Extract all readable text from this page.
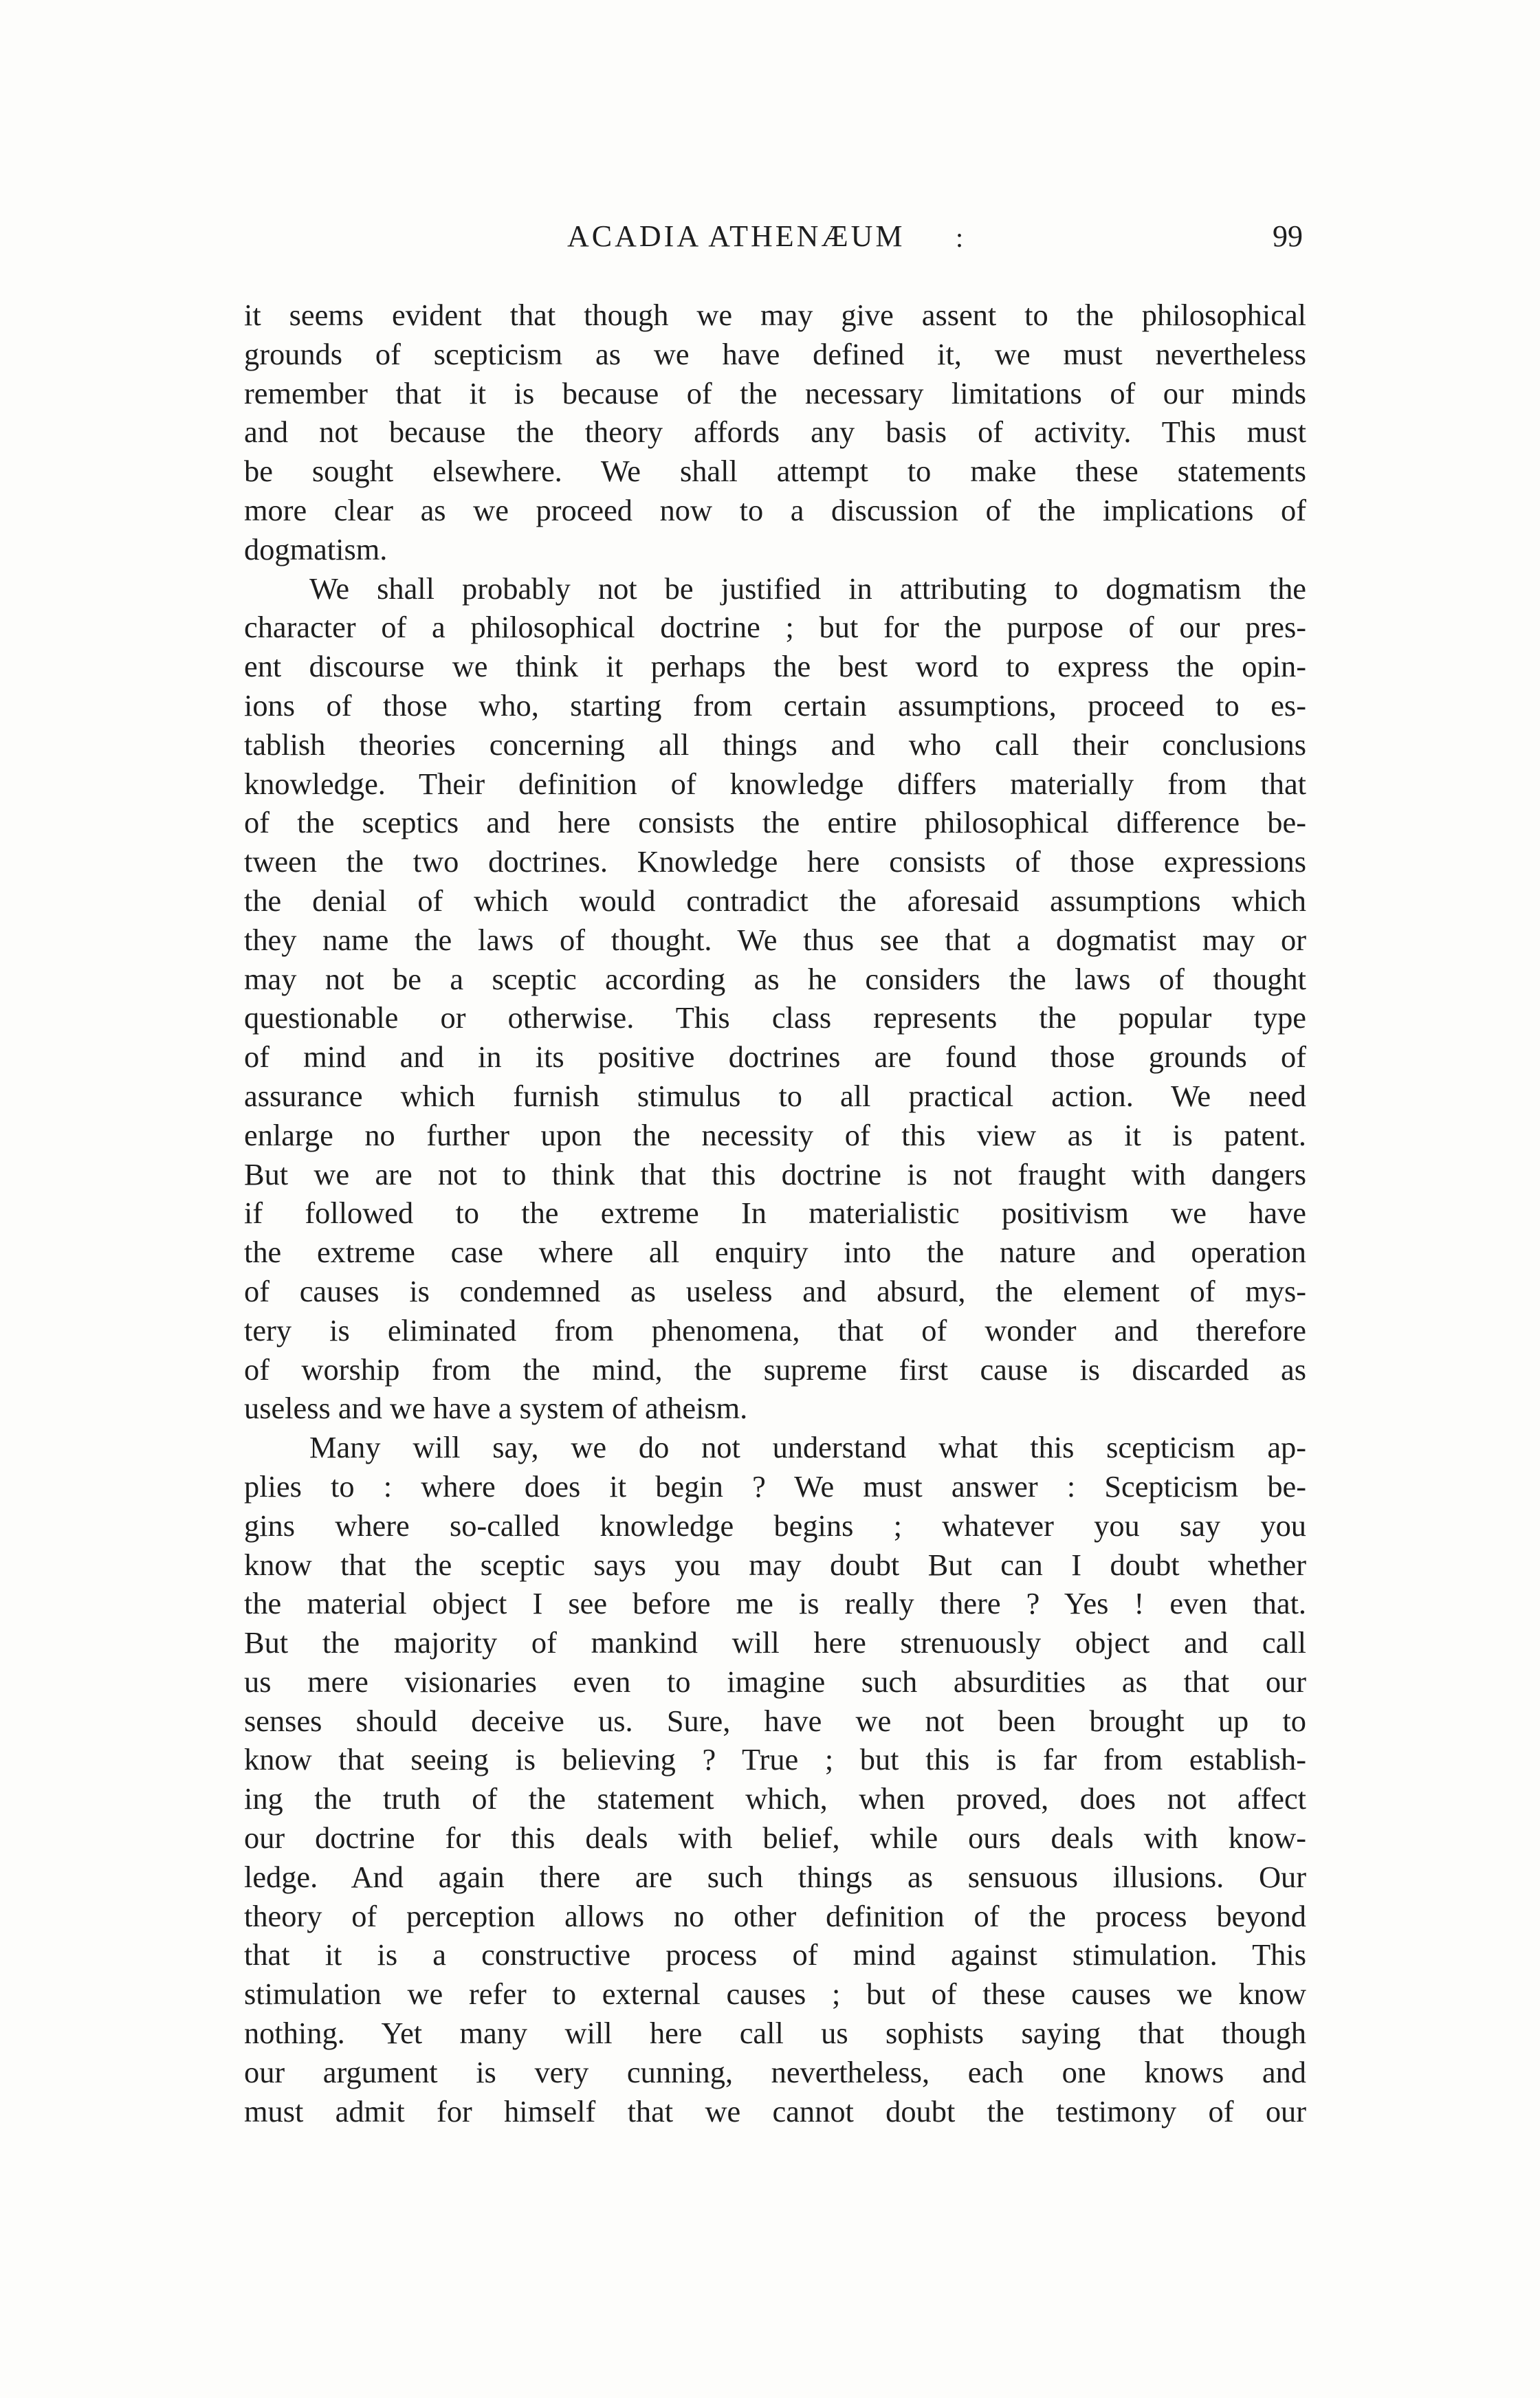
ACADIA ATHENÆUM :	99
it seems evident that though we may give assent to the philosophical
grounds of scepticism as we have defined it, we must nevertheless
remember that it is because of the necessary limitations of our minds
and not because the theory affords any basis of activity. This must
be sought elsewhere. We shall attempt to make these statements
more clear as we proceed now to a discussion of the implications of
dogmatism.
We shall probably not be justified in attributing to dogmatism the
character of a philosophical doctrine ; but for the purpose of our pres-
ent discourse we think it perhaps the best word to express the opin-
ions of those who, starting from certain assumptions, proceed to es-
tablish theories concerning all things and who call their conclusions
knowledge. Their definition of knowledge differs materially from that
of the sceptics and here consists the entire philosophical difference be-
tween the two doctrines. Knowledge here consists of those expressions
the denial of which would contradict the aforesaid assumptions which
they name the laws of thought. We thus see that a dogmatist may or
may not be a sceptic according as he considers the laws of thought
questionable or otherwise. This class represents the popular type
of mind and in its positive doctrines are found those grounds of
assurance which furnish stimulus to all practical action. We need
enlarge no further upon the necessity of this view as it is patent.
But we are not to think that this doctrine is not fraught with dangers
if followed to the extreme In materialistic positivism we have
the extreme case where all enquiry into the nature and operation
of causes is condemned as useless and absurd, the element of mys-
tery is eliminated from phenomena, that of wonder and therefore
of worship from the mind, the supreme first cause is discarded as
useless and we have a system of atheism.
Many will say, we do not understand what this scepticism ap-
plies to : where does it begin ? We must answer : Scepticism be-
gins where so-called knowledge begins ; whatever you say you
know that the sceptic says you may doubt But can I doubt whether
the material object I see before me is really there ? Yes ! even that.
But the majority of mankind will here strenuously object and call
us mere visionaries even to imagine such absurdities as that our
senses should deceive us. Sure, have we not been brought up to
know that seeing is believing ? True ; but this is far from establish-
ing the truth of the statement which, when proved, does not affect
our doctrine for this deals with belief, while ours deals with know-
ledge. And again there are such things as sensuous illusions. Our
theory of perception allows no other definition of the process beyond
that it is a constructive process of mind against stimulation. This
stimulation we refer to external causes ; but of these causes we know
nothing. Yet many will here call us sophists saying that though
our argument is very cunning, nevertheless, each one knows and
must admit for himself that we cannot doubt the testimony of our
